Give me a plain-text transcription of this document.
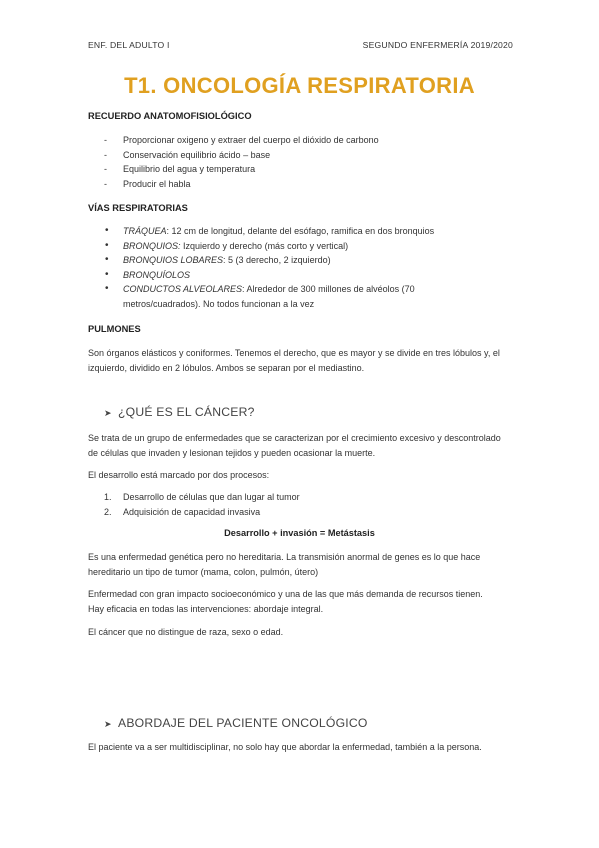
ENF. DEL ADULTO I	SEGUNDO ENFERMERÍA 2019/2020
T1. ONCOLOGÍA RESPIRATORIA
RECUERDO ANATOMOFISIOLÓGICO
- Proporcionar oxigeno y extraer del cuerpo el dióxido de carbono
- Conservación equilibrio ácido – base
- Equilibrio del agua y temperatura
- Producir el habla
VÍAS RESPIRATORIAS
• TRÁQUEA: 12 cm de longitud, delante del esófago, ramifica en dos bronquios
• BRONQUIOS: Izquierdo y derecho (más corto y vertical)
• BRONQUIOS LOBARES: 5 (3 derecho, 2 izquierdo)
• BRONQUÍOLOS
• CONDUCTOS ALVEOLARES: Alrededor de 300 millones de alvéolos (70
metros/cuadrados). No todos funcionan a la vez
PULMONES

Son órganos elásticos y coniformes. Tenemos el derecho, que es mayor y se divide en tres lóbulos y, el izquierdo, dividido en 2 lóbulos. Ambos se separan por el mediastino.

➤ ¿QUÉ ES EL CÁNCER?

Se trata de un grupo de enfermedades que se caracterizan por el crecimiento excesivo y descontrolado de células que invaden y lesionan tejidos y pueden ocasionar la muerte.

El desarrollo está marcado por dos procesos:

1. Desarrollo de células que dan lugar al tumor
2. Adquisición de capacidad invasiva
Desarrollo + invasión = Metástasis

Es una enfermedad genética pero no hereditaria. La transmisión anormal de genes es lo que hace hereditario un tipo de tumor (mama, colon, pulmón, útero)

Enfermedad con gran impacto socioeconómico y una de las que más demanda de recursos tienen. Hay eficacia en todas las intervenciones: abordaje integral.

El cáncer que no distingue de raza, sexo o edad.

➤ ABORDAJE DEL PACIENTE ONCOLÓGICO

El paciente va a ser multidisciplinar, no solo hay que abordar la enfermedad, también a la persona.
